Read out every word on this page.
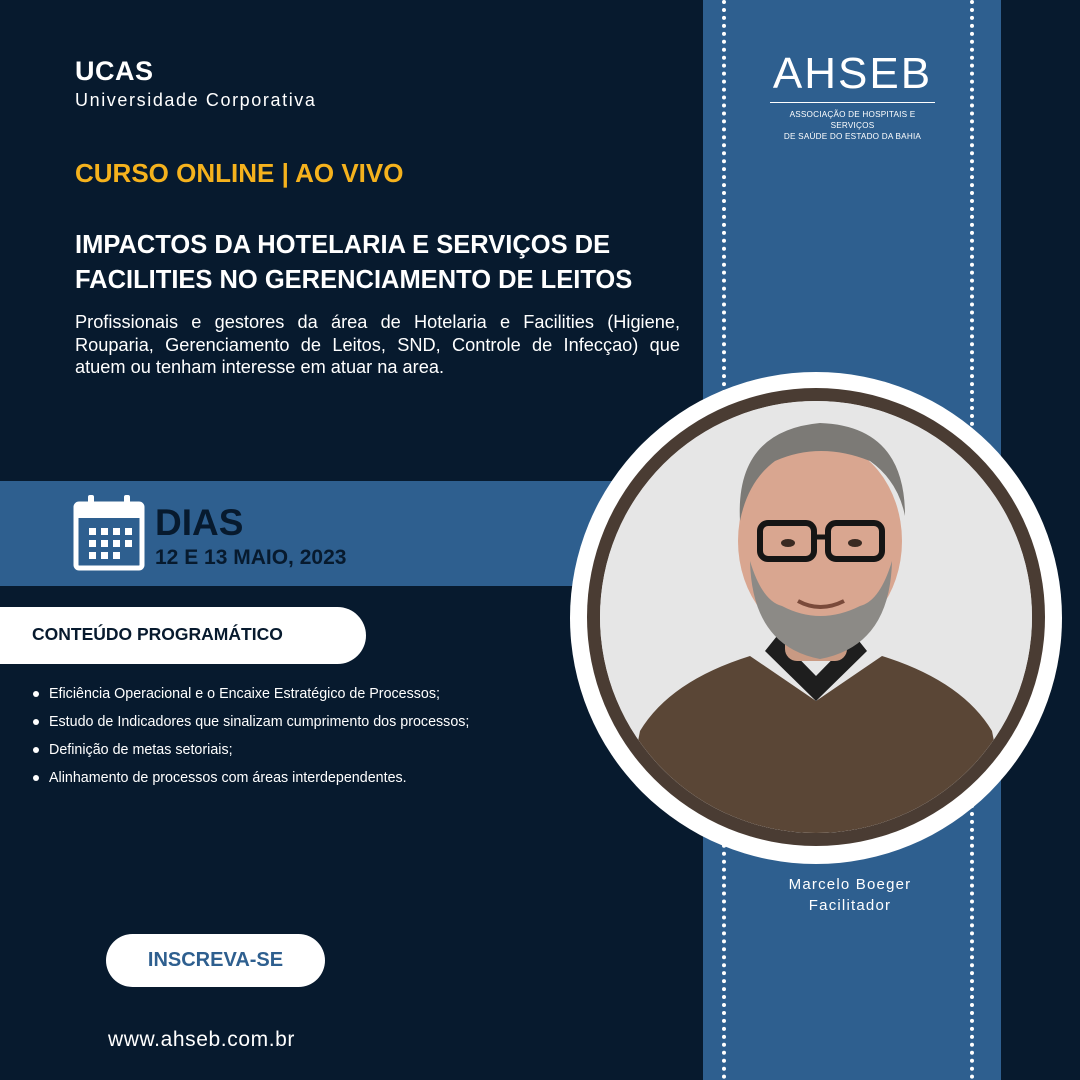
AHSEB
ASSOCIAÇÃO DE HOSPITAIS E SERVIÇOS
DE SAÚDE DO ESTADO DA BAHIA
UCAS
Universidade Corporativa
CURSO ONLINE | AO VIVO
IMPACTOS DA HOTELARIA E SERVIÇOS DE FACILITIES NO GERENCIAMENTO DE LEITOS
Profissionais e gestores da área de Hotelaria e Facilities (Higiene, Rouparia, Gerenciamento de Leitos, SND, Controle de Infecçao) que atuem ou tenham interesse em atuar na area.
DIAS
12 E 13 MAIO, 2023
CONTEÚDO PROGRAMÁTICO
Eficiência Operacional e o Encaixe Estratégico de Processos;
Estudo de Indicadores que sinalizam cumprimento dos processos;
Definição de metas setoriais;
Alinhamento de processos com áreas interdependentes.
Marcelo Boeger
Facilitador
INSCREVA-SE
www.ahseb.com.br
